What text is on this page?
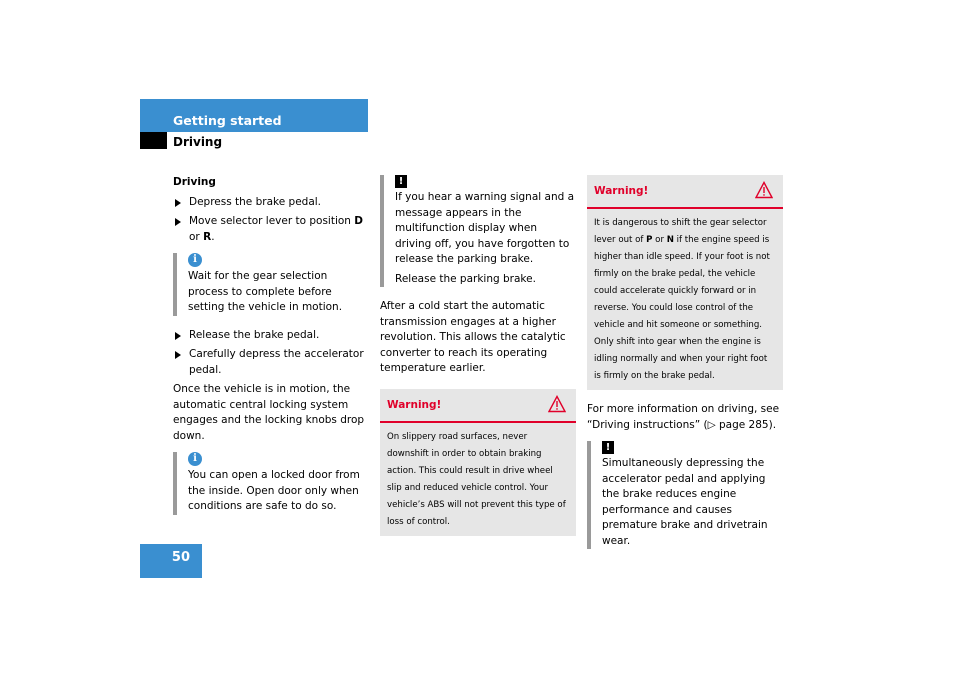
Getting started
Driving
Driving
Depress the brake pedal.
Move selector lever to position D or R.
i
Wait for the gear selection process to complete before setting the vehicle in motion.
Release the brake pedal.
Carefully depress the accelerator pedal.
Once the vehicle is in motion, the automatic central locking system engages and the locking knobs drop down.
i
You can open a locked door from the inside. Open door only when conditions are safe to do so.
!
If you hear a warning signal and a message appears in the multifunction display when driving off, you have forgotten to release the parking brake.
Release the parking brake.
After a cold start the automatic transmission engages at a higher revolution. This allows the catalytic converter to reach its operating temperature earlier.
Warning!
On slippery road surfaces, never downshift in order to obtain braking action. This could result in drive wheel slip and reduced vehicle control. Your vehicle’s ABS will not prevent this type of loss of control.
Warning!
It is dangerous to shift the gear selector lever out of P or N if the engine speed is higher than idle speed. If your foot is not firmly on the brake pedal, the vehicle could accelerate quickly forward or in reverse. You could lose control of the vehicle and hit someone or something. Only shift into gear when the engine is idling normally and when your right foot is firmly on the brake pedal.
For more information on driving, see “Driving instructions” (▷ page 285).
!
Simultaneously depressing the accelerator pedal and applying the brake reduces engine performance and causes premature brake and drivetrain wear.
50
